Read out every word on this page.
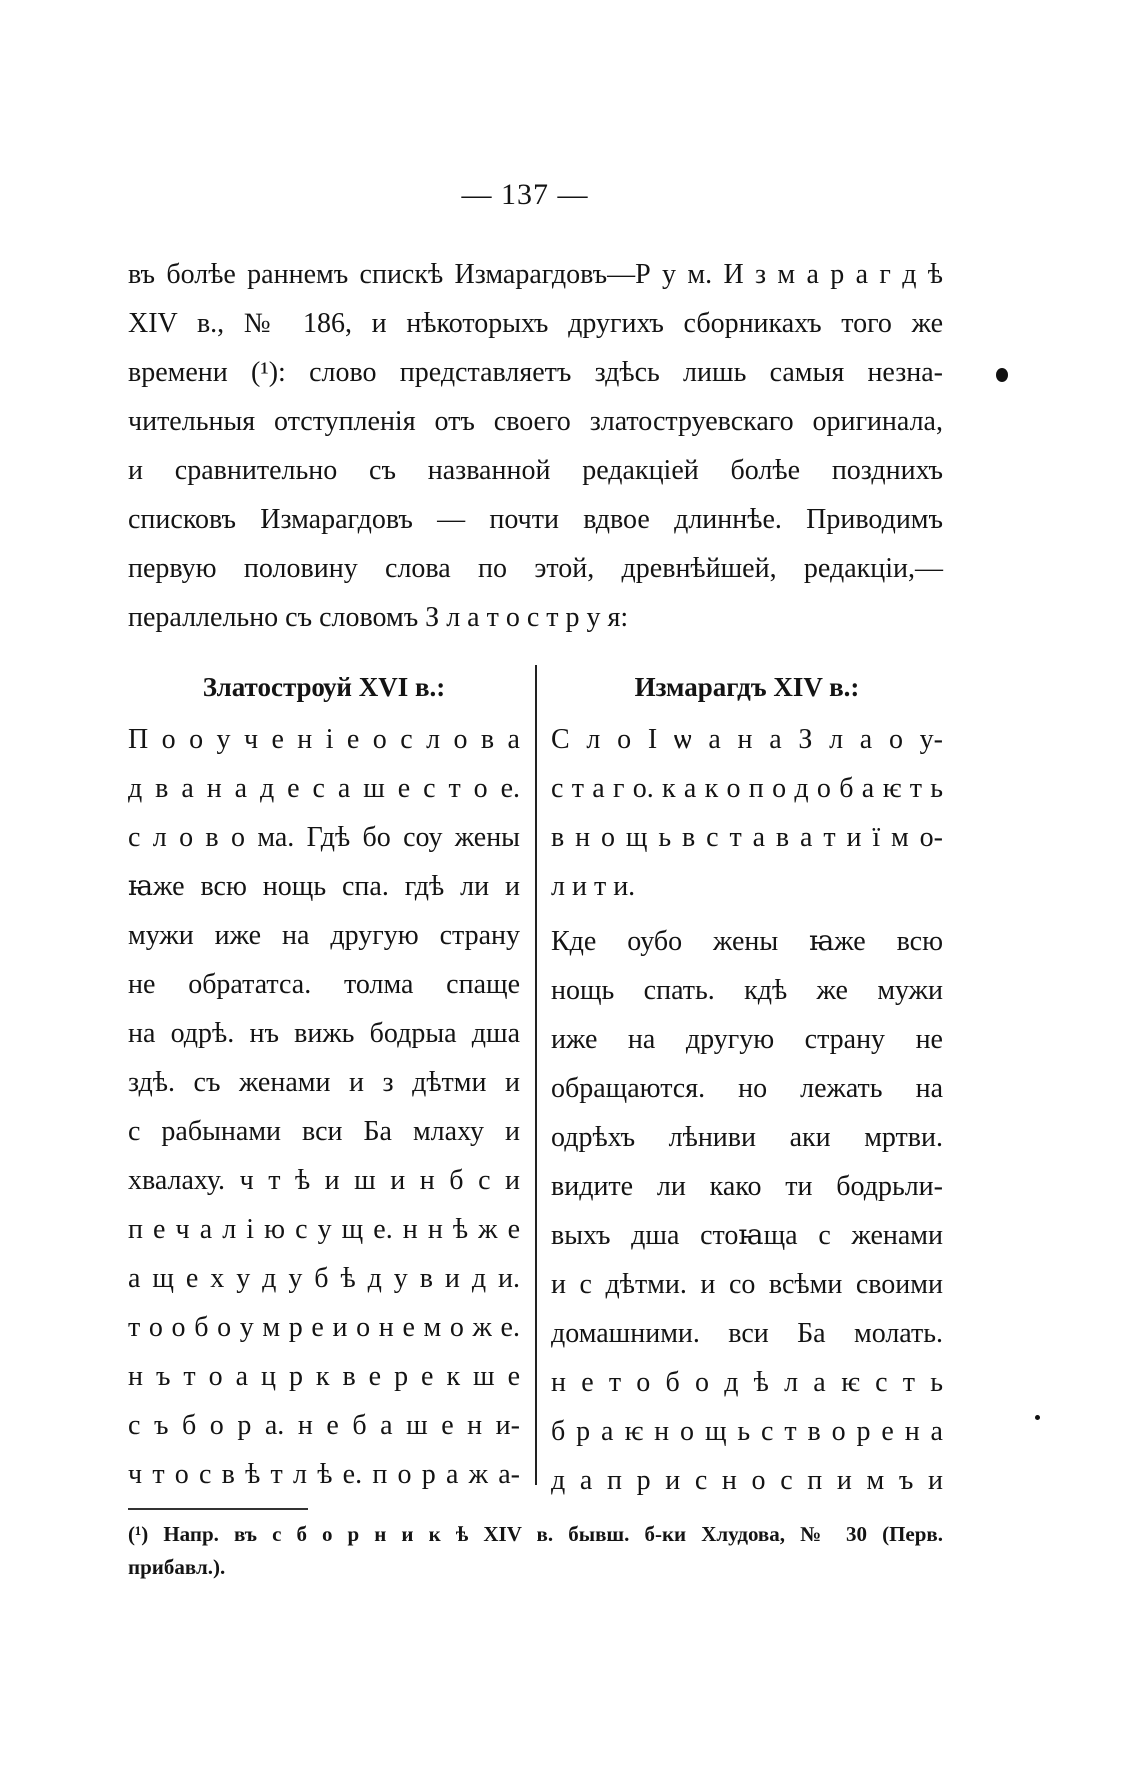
— 137 —
въ болѣе раннемъ спискѣ Измарагдовъ—Р у м. И з м а р а г д ѣ
XIV в., № 186, и нѣкоторыхъ другихъ сборникахъ того же
времени (¹): слово представляетъ здѣсь лишь самыя незна-
чительныя отступленія отъ своего златоструевскаго оригинала,
и сравнительно съ названной редакціей болѣе позднихъ
списковъ Измарагдовъ — почти вдвое длиннѣе. Приводимъ
первую половину слова по этой, древнѣйшей, редакціи,—
пераллельно съ словомъ З л а т о с т р у я:
Златострѹй XVI в.:
П о о у ч е н і е о с л о в а
д в а н а д е с а ш е с т о е.
с л о в о ма. Гдѣ бо соу жены
ꙗже всю нощь спа. гдѣ ли и
мужи иже на другую страну
не обрататса. толма спаще
на одрѣ. нъ вижь бодрыа дша
здѣ. съ женами и з дѣтми и
с рабынами вси Ба млаху и
хвалаху. ч т ѣ и ш и н б с и
п е ч а л і ю с у щ е. н н ѣ ж е
а щ е х у д у б ѣ д у в и д и.
т о о б о у м р е и о н е м о ж е.
н ъ т о а ц р к в е р е к ш е
с ъ б о р а. н е б а ш е н и-
ч т о с в ѣ т л ѣ е. п о р а ж а-
Измарагдъ XIV в.:
С л о І ѡ а н а З л а о у-
с т а г о. к а к о п о д о б а ѥ т ь
в н о щ ь в с т а в а т и ї м о-
л и т и.
Кде оубо жены ꙗже всю
нощь спать. кдѣ же мужи
иже на другую страну не
обращаются. но лежать на
одрѣхъ лѣниви аки мртви.
видите ли како ти бодрьли-
выхъ дша стоꙗща с женами
и с дѣтми. и со всѣми своими
домашними. вси Ба молать.
н е т о б о д ѣ л а ѥ с т ь
б р а ѥ н о щ ь с т в о р е н а
д а п р и с н о с п и м ъ и
(¹) Напр. въ с б о р н и к ѣ XIV в. бывш. б-ки Хлудова, № 30 (Перв.
прибавл.).
